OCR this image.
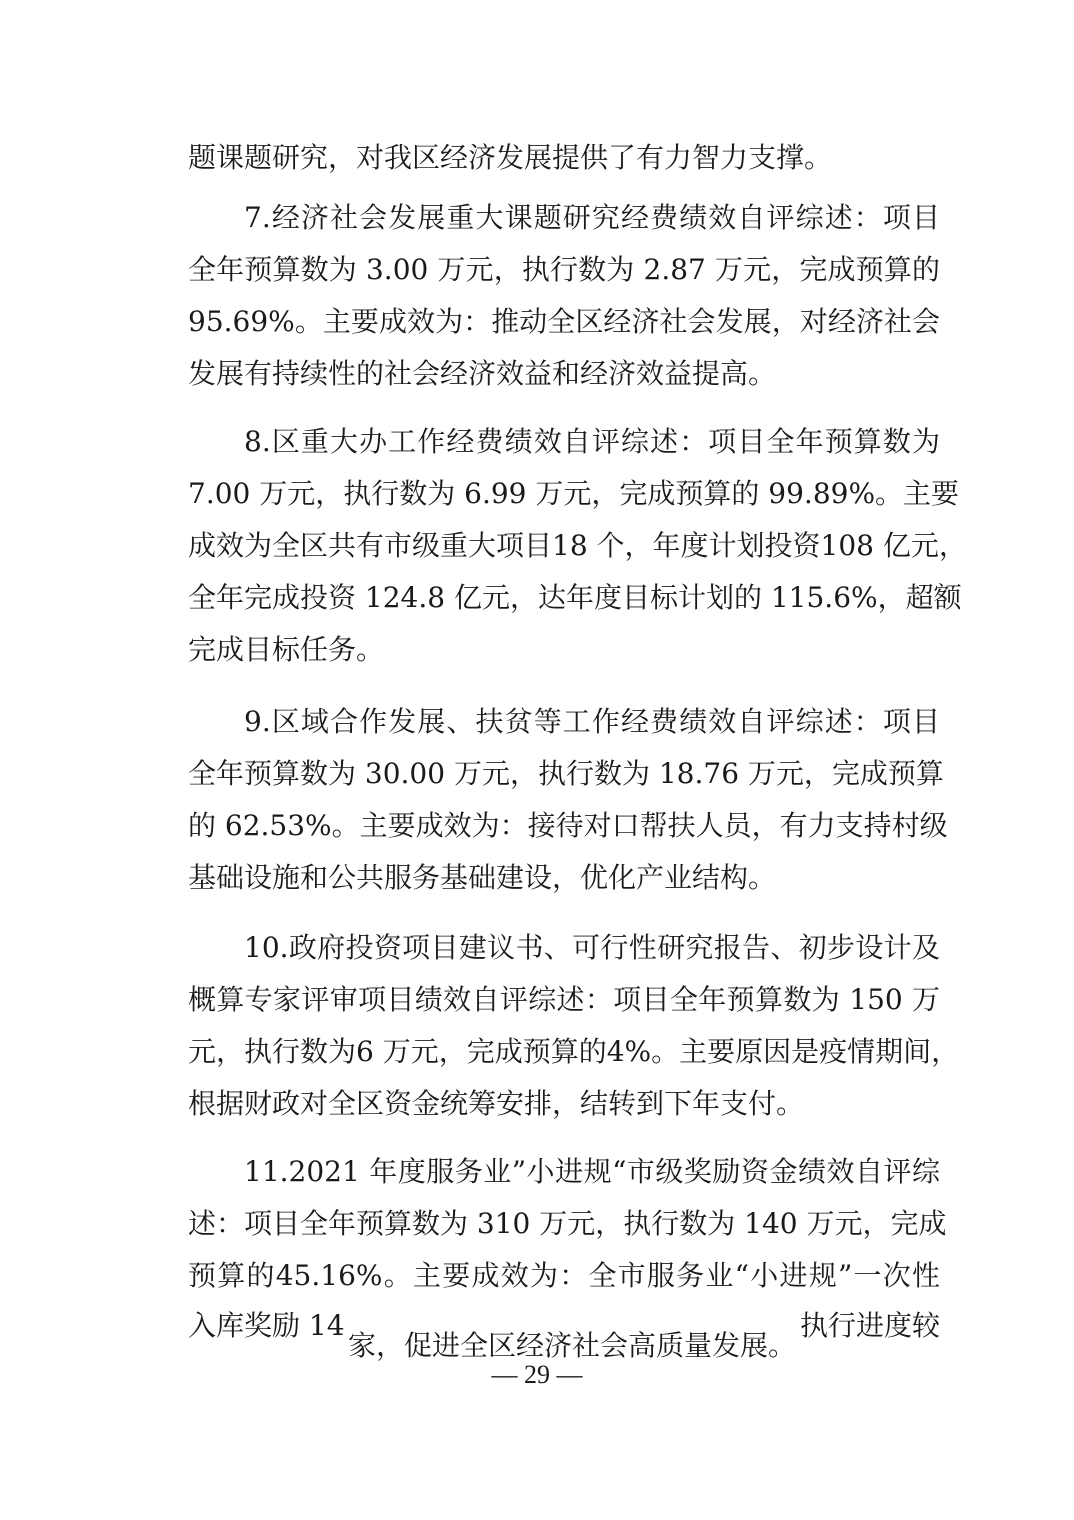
题课题研究，对我区经济发展提供了有力智力支撑。
7.经济社会发展重大课题研究经费绩效自评综述：项目
全年预算数为 3.00 万元，执行数为 2.87 万元，完成预算的
95.69%。主要成效为：推动全区经济社会发展，对经济社会
发展有持续性的社会经济效益和经济效益提高。
8.区重大办工作经费绩效自评综述：项目全年预算数为
7.00 万元，执行数为 6.99 万元，完成预算的 99.89%。主要
成效为全区共有市级重大项目18 个，年度计划投资108 亿元，
全年完成投资 124.8 亿元，达年度目标计划的 115.6%，超额
完成目标任务。
9.区域合作发展、扶贫等工作经费绩效自评综述：项目
全年预算数为 30.00 万元，执行数为 18.76 万元，完成预算
的 62.53%。主要成效为：接待对口帮扶人员，有力支持村级
基础设施和公共服务基础建设，优化产业结构。
10.政府投资项目建议书、可行性研究报告、初步设计及
概算专家评审项目绩效自评综述：项目全年预算数为 150 万
元，执行数为6 万元，完成预算的4%。主要原因是疫情期间，
根据财政对全区资金统筹安排，结转到下年支付。
11.2021 年度服务业”小进规“市级奖励资金绩效自评综
述：项目全年预算数为 310 万元，执行数为 140 万元，完成
预算的45.16%。主要成效为：全市服务业“小进规”一次性
入库奖励 14
家，促进全区经济社会高质量发展。
执行进度较
— 29 —
